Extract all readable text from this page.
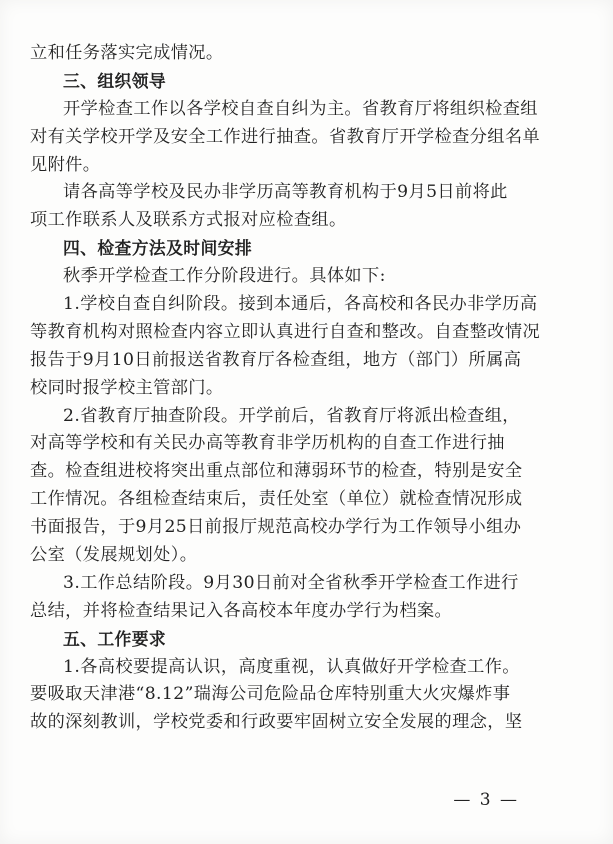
立和任务落实完成情况。
三、组织领导
开学检查工作以各学校自查自纠为主。省教育厅将组织检查组
对有关学校开学及安全工作进行抽查。省教育厅开学检查分组名单
见附件。
请各高等学校及民办非学历高等教育机构于9月5日前将此
项工作联系人及联系方式报对应检查组。
四、检查方法及时间安排
秋季开学检查工作分阶段进行。具体如下:
1.学校自查自纠阶段。接到本通后，各高校和各民办非学历高
等教育机构对照检查内容立即认真进行自查和整改。自查整改情况
报告于9月10日前报送省教育厅各检查组，地方（部门）所属高
校同时报学校主管部门。
2.省教育厅抽查阶段。开学前后，省教育厅将派出检查组，
对高等学校和有关民办高等教育非学历机构的自查工作进行抽
查。检查组进校将突出重点部位和薄弱环节的检查，特别是安全
工作情况。各组检查结束后，责任处室（单位）就检查情况形成
书面报告，于9月25日前报厅规范高校办学行为工作领导小组办
公室（发展规划处）。
3.工作总结阶段。9月30日前对全省秋季开学检查工作进行
总结，并将检查结果记入各高校本年度办学行为档案。
五、工作要求
1.各高校要提高认识，高度重视，认真做好开学检查工作。
要吸取天津港“8.12”瑞海公司危险品仓库特别重大火灾爆炸事
故的深刻教训，学校党委和行政要牢固树立安全发展的理念，坚
— 3 —
